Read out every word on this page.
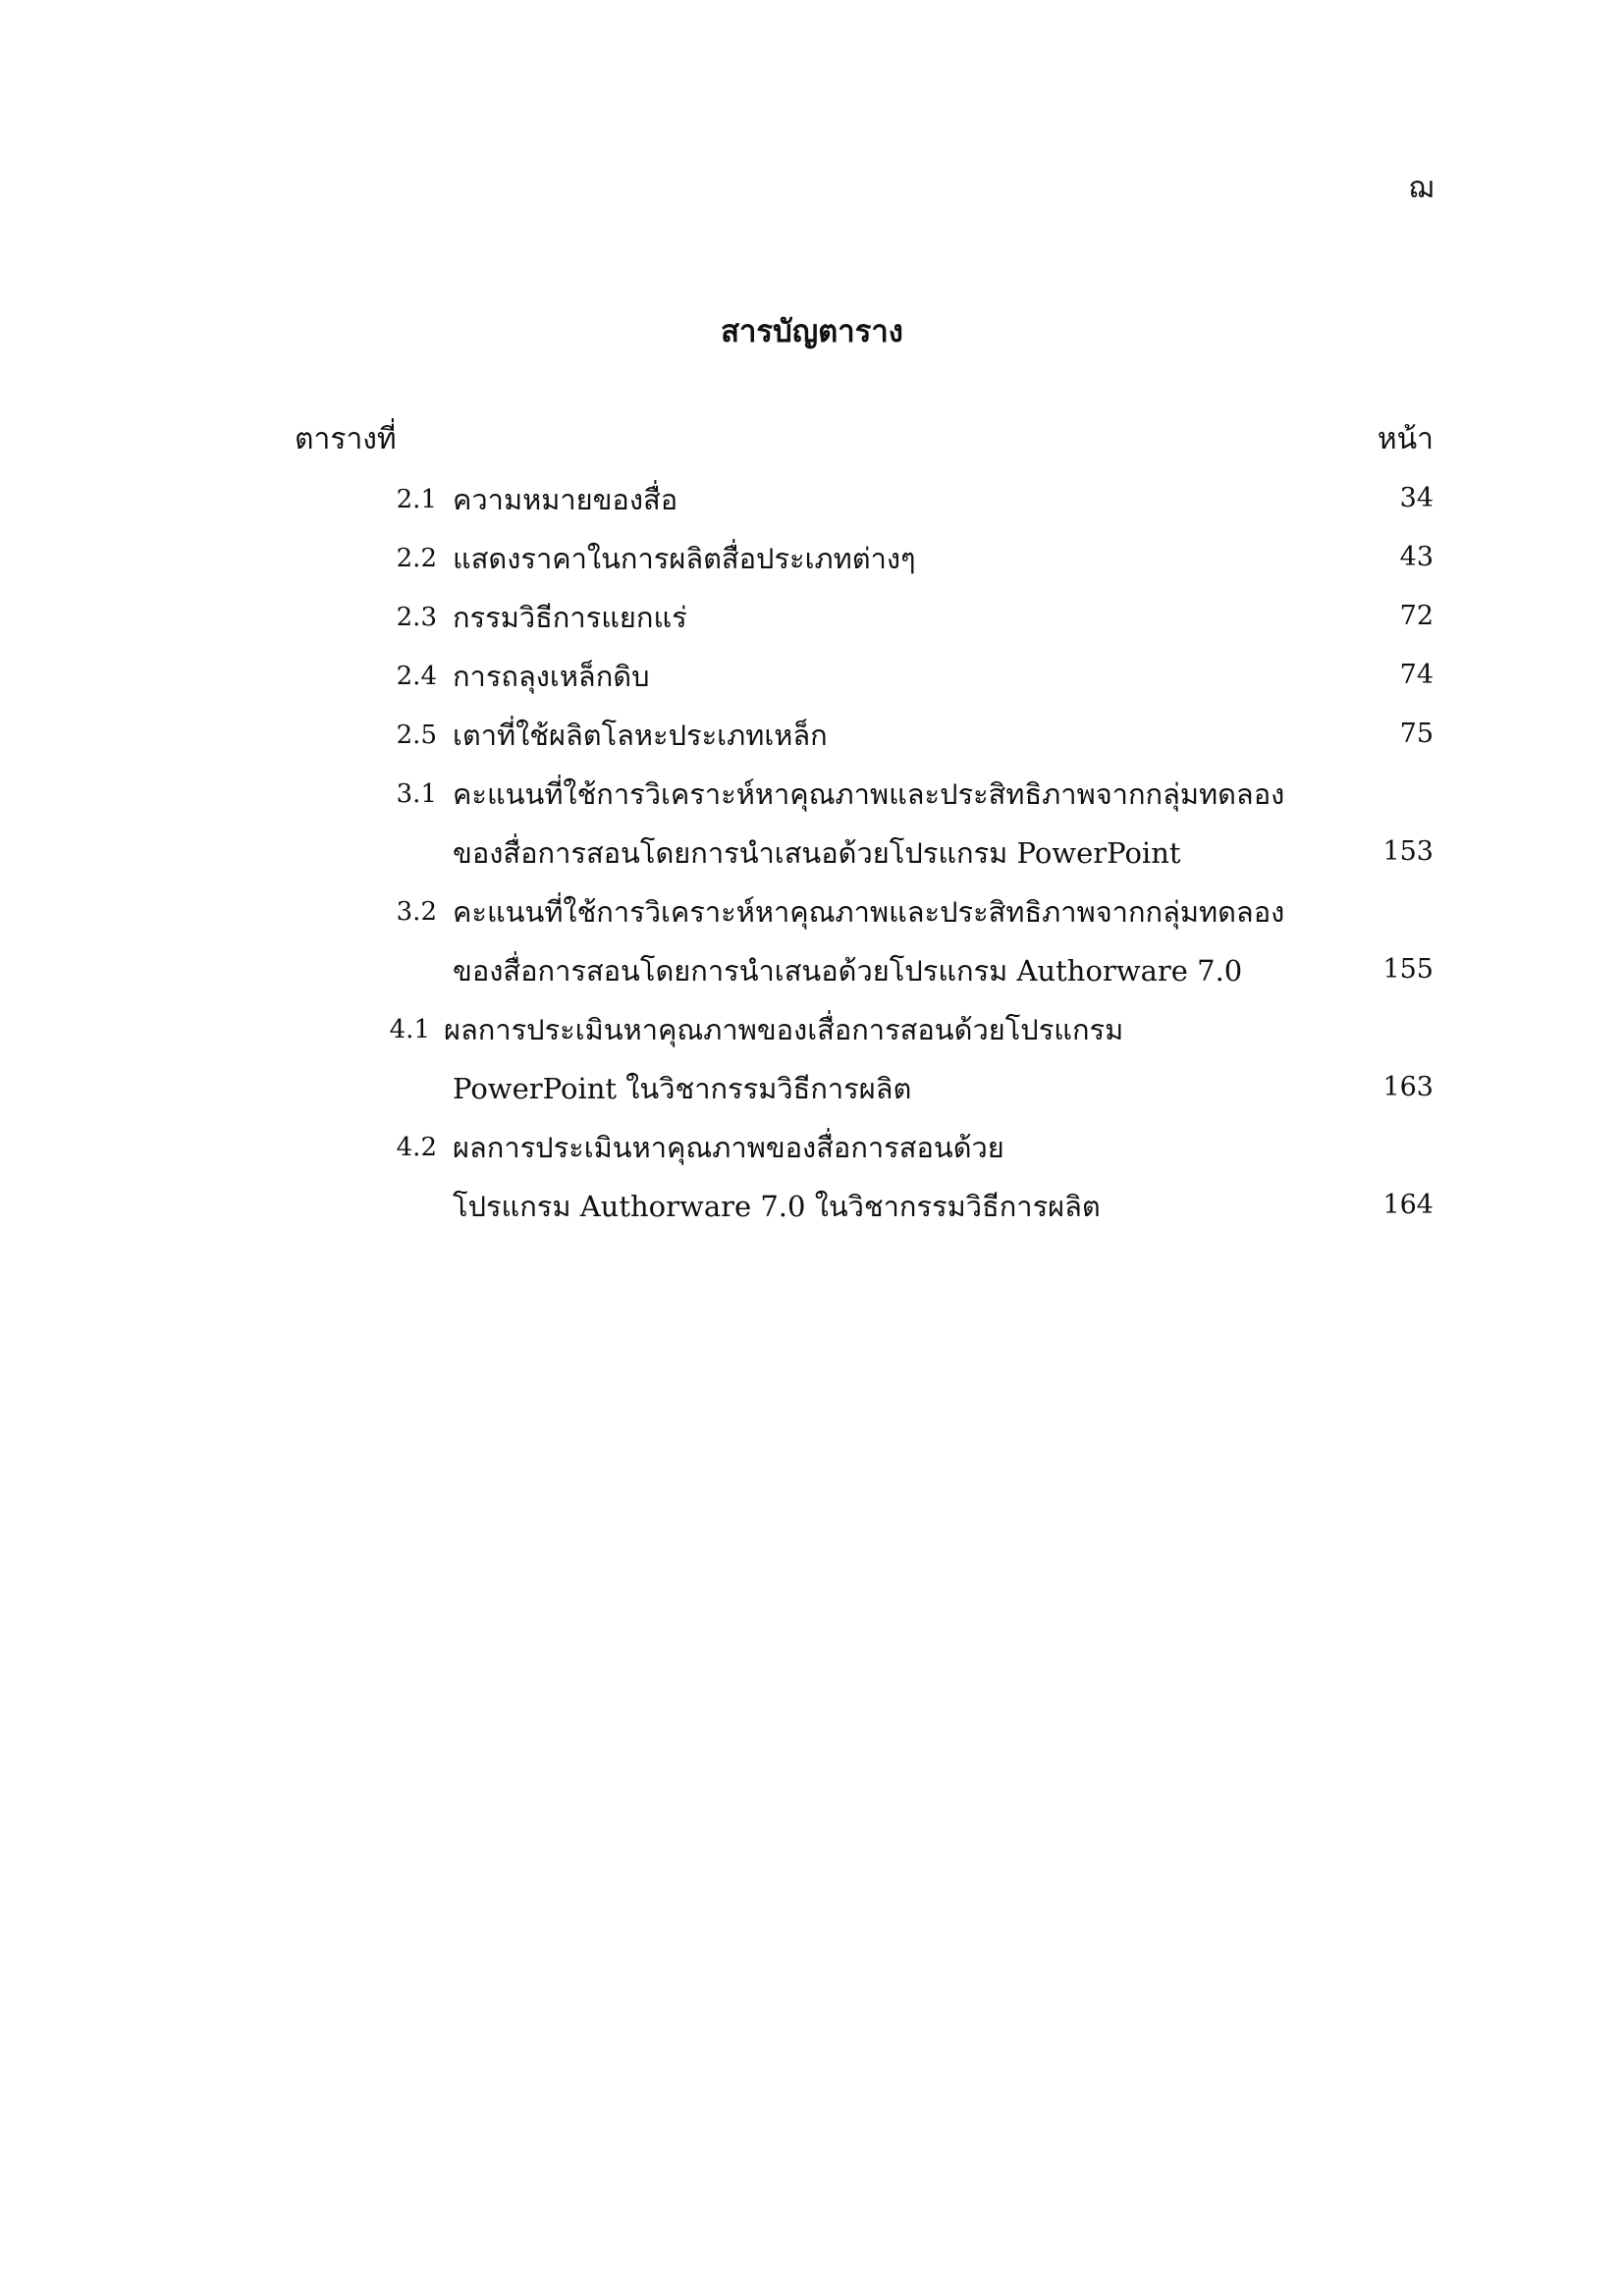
ฌ
สารบัญตาราง
ตารางที่	หน้า
2.1 ความหมายของสื่อ	34
2.2 แสดงราคาในการผลิตสื่อประเภทต่างๆ	43
2.3 กรรมวิธีการแยกแร่	72
2.4 การถลุงเหล็กดิบ	74
2.5 เตาที่ใช้ผลิตโลหะประเภทเหล็ก	75
3.1 คะแนนที่ใช้การวิเคราะห์หาคุณภาพและประสิทธิภาพจากกลุ่มทดลอง
ของสื่อการสอนโดยการนำเสนอด้วยโปรแกรม PowerPoint	153
3.2 คะแนนที่ใช้การวิเคราะห์หาคุณภาพและประสิทธิภาพจากกลุ่มทดลอง
ของสื่อการสอนโดยการนำเสนอด้วยโปรแกรม Authorware 7.0	155
4.1 ผลการประเมินหาคุณภาพของเสื่อการสอนด้วยโปรแกรม
PowerPoint ในวิชากรรมวิธีการผลิต	163
4.2 ผลการประเมินหาคุณภาพของสื่อการสอนด้วย
โปรแกรม Authorware 7.0 ในวิชากรรมวิธีการผลิต	164
